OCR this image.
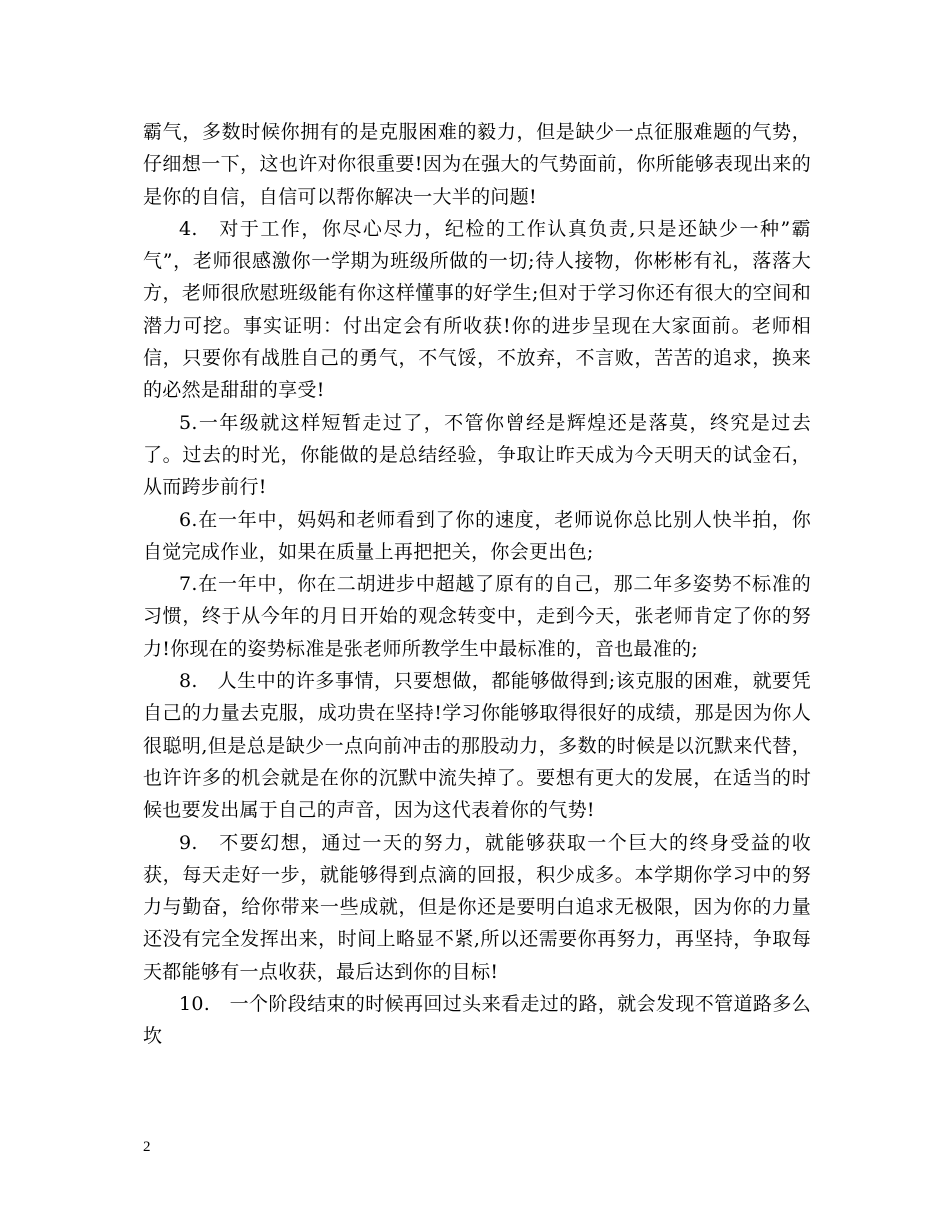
霸气，多数时候你拥有的是克服困难的毅力，但是缺少一点征服难题的气势，仔细想一下，这也许对你很重要!因为在强大的气势面前，你所能够表现出来的是你的自信，自信可以帮你解决一大半的问题!

4.　对于工作，你尽心尽力，纪检的工作认真负责,只是还缺少一种”霸气”，老师很感激你一学期为班级所做的一切;待人接物，你彬彬有礼，落落大方，老师很欣慰班级能有你这样懂事的好学生;但对于学习你还有很大的空间和潜力可挖。事实证明：付出定会有所收获!你的进步呈现在大家面前。老师相信，只要你有战胜自己的勇气，不气馁，不放弃，不言败，苦苦的追求，换来的必然是甜甜的享受!

5.一年级就这样短暂走过了，不管你曾经是辉煌还是落莫，终究是过去了。过去的时光，你能做的是总结经验，争取让昨天成为今天明天的试金石，从而跨步前行!

6.在一年中，妈妈和老师看到了你的速度，老师说你总比别人快半拍，你自觉完成作业，如果在质量上再把把关，你会更出色;

7.在一年中，你在二胡进步中超越了原有的自己，那二年多姿势不标准的习惯，终于从今年的月日开始的观念转变中，走到今天，张老师肯定了你的努力!你现在的姿势标准是张老师所教学生中最标准的，音也最准的;

8.　人生中的许多事情，只要想做，都能够做得到;该克服的困难，就要凭自己的力量去克服，成功贵在坚持!学习你能够取得很好的成绩，那是因为你人很聪明,但是总是缺少一点向前冲击的那股动力，多数的时候是以沉默来代替，也许许多的机会就是在你的沉默中流失掉了。要想有更大的发展，在适当的时候也要发出属于自己的声音，因为这代表着你的气势!

9.　不要幻想，通过一天的努力，就能够获取一个巨大的终身受益的收获，每天走好一步，就能够得到点滴的回报，积少成多。本学期你学习中的努力与勤奋，给你带来一些成就，但是你还是要明白追求无极限，因为你的力量还没有完全发挥出来，时间上略显不紧,所以还需要你再努力，再坚持，争取每天都能够有一点收获，最后达到你的目标!

10.　一个阶段结束的时候再回过头来看走过的路，就会发现不管道路多么坎

2
